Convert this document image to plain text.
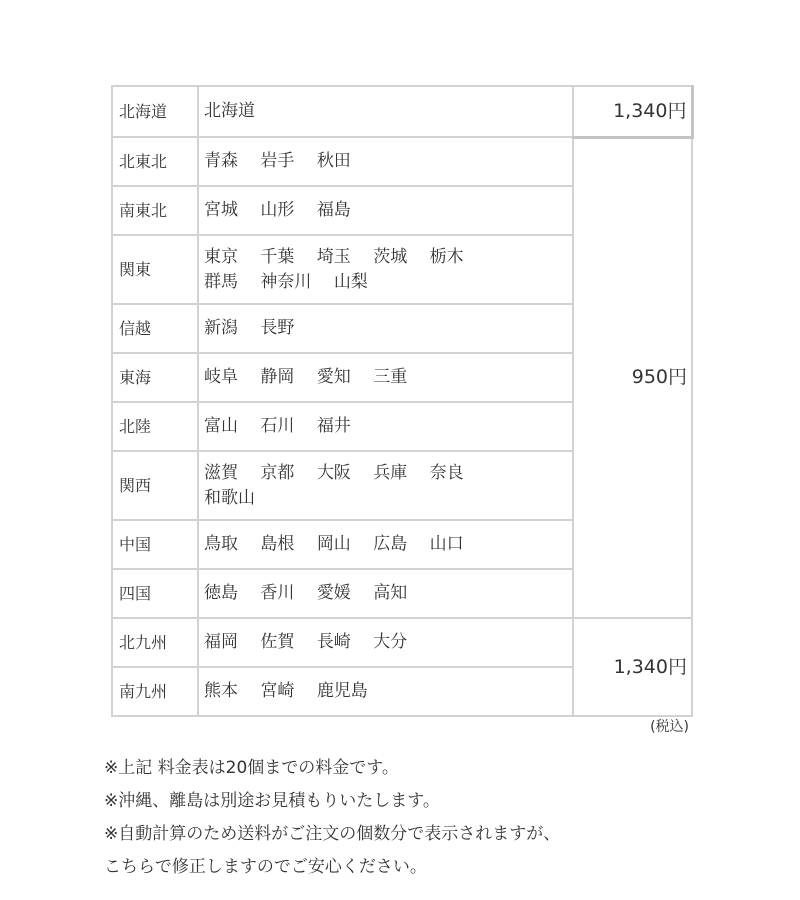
北海道	北海道	1,340円
北東北	青森 岩手 秋田	950円
南東北	宮城 山形 福島	

関東	東京 千葉 埼玉 茨城 栃木
群馬 神奈川 山梨	

信越	新潟 長野	

東海	岐阜 静岡 愛知 三重	

北陸	富山 石川 福井	

関西	滋賀 京都 大阪 兵庫 奈良
和歌山	

中国	鳥取 島根 岡山 広島 山口	

四国	徳島 香川 愛媛 高知	

北九州	福岡 佐賀 長崎 大分	1,340円
南九州	熊本 宮崎 鹿児島	
(税込)

※上記 料金表は20個までの料金です。

※沖縄、離島は別途お見積もりいたします。

※自動計算のため送料がご注文の個数分で表示されますが、

こちらで修正しますのでご安心ください。
